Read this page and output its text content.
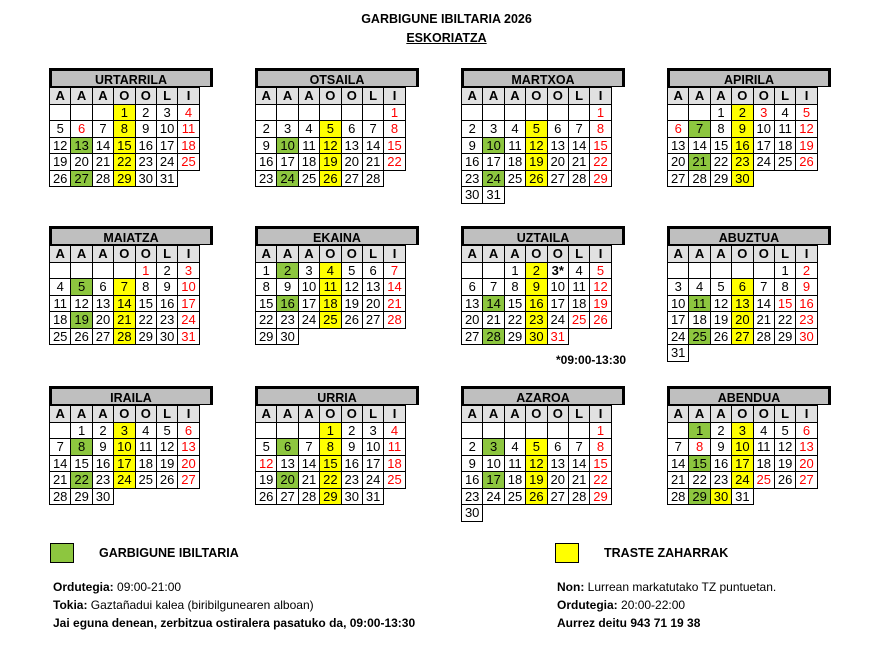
GARBIGUNE IBILTARIA 2026
ESKORIATZA
URTARRILA
A	A	A	O	O	L	I
			1	2	3	4
5	6	7	8	9	10	11
12	13	14	15	16	17	18
19	20	21	22	23	24	25
26	27	28	29	30	31	
OTSAILA
A	A	A	O	O	L	I
						1
2	3	4	5	6	7	8
9	10	11	12	13	14	15
16	17	18	19	20	21	22
23	24	25	26	27	28	
MARTXOA
A	A	A	O	O	L	I
						1
2	3	4	5	6	7	8
9	10	11	12	13	14	15
16	17	18	19	20	21	22
23	24	25	26	27	28	29
30	31					
APIRILA
A	A	A	O	O	L	I
		1	2	3	4	5
6	7	8	9	10	11	12
13	14	15	16	17	18	19
20	21	22	23	24	25	26
27	28	29	30			
MAIATZA
A	A	A	O	O	L	I
				1	2	3
4	5	6	7	8	9	10
11	12	13	14	15	16	17
18	19	20	21	22	23	24
25	26	27	28	29	30	31
EKAINA
A	A	A	O	O	L	I
1	2	3	4	5	6	7
8	9	10	11	12	13	14
15	16	17	18	19	20	21
22	23	24	25	26	27	28
29	30					
UZTAILA
A	A	A	O	O	L	I
		1	2	3*	4	5
6	7	8	9	10	11	12
13	14	15	16	17	18	19
20	21	22	23	24	25	26
27	28	29	30	31		
ABUZTUA
A	A	A	O	O	L	I
					1	2
3	4	5	6	7	8	9
10	11	12	13	14	15	16
17	18	19	20	21	22	23
24	25	26	27	28	29	30
31						
IRAILA
A	A	A	O	O	L	I
	1	2	3	4	5	6
7	8	9	10	11	12	13
14	15	16	17	18	19	20
21	22	23	24	25	26	27
28	29	30				
URRIA
A	A	A	O	O	L	I
			1	2	3	4
5	6	7	8	9	10	11
12	13	14	15	16	17	18
19	20	21	22	23	24	25
26	27	28	29	30	31	
AZAROA
A	A	A	O	O	L	I
						1
2	3	4	5	6	7	8
9	10	11	12	13	14	15
16	17	18	19	20	21	22
23	24	25	26	27	28	29
30						
ABENDUA
A	A	A	O	O	L	I
	1	2	3	4	5	6
7	8	9	10	11	12	13
14	15	16	17	18	19	20
21	22	23	24	25	26	27
28	29	30	31			
*09:00-13:30
GARBIGUNE IBILTARIA	TRASTE ZAHARRAK
Ordutegia: 09:00-21:00
Tokia: Gaztañadui kalea (biribilgunearen alboan)
Jai eguna denean, zerbitzua ostiralera pasatuko da, 09:00-13:30
Non: Lurrean markatutako TZ puntuetan.
Ordutegia: 20:00-22:00
Aurrez deitu 943 71 19 38
